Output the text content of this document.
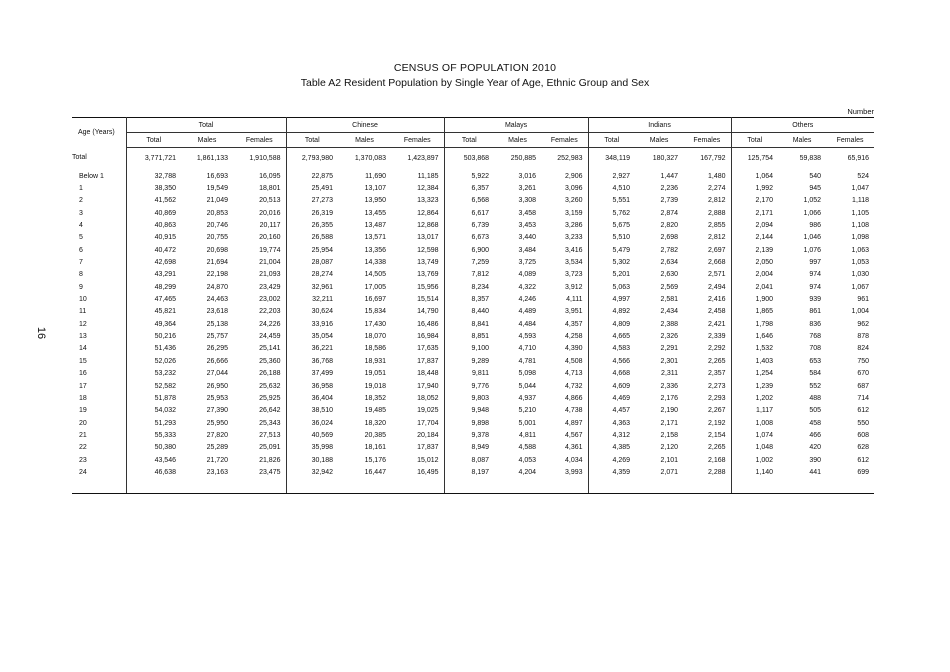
CENSUS OF POPULATION 2010
Table A2 Resident Population by Single Year of Age, Ethnic Group and Sex
Number
16
Age (Years)	Total			Chinese			Malays			Indians			Others		
	Total	Males	Females	Total	Males	Females	Total	Males	Females	Total	Males	Females	Total	Males	Females
Total	3,771,721	1,861,133	1,910,588	2,793,980	1,370,083	1,423,897	503,868	250,885	252,983	348,119	180,327	167,792	125,754	59,838	65,916

Below 1	32,788	16,693	16,095	22,875	11,690	11,185	5,922	3,016	2,906	2,927	1,447	1,480	1,064	540	524
1	38,350	19,549	18,801	25,491	13,107	12,384	6,357	3,261	3,096	4,510	2,236	2,274	1,992	945	1,047
2	41,562	21,049	20,513	27,273	13,950	13,323	6,568	3,308	3,260	5,551	2,739	2,812	2,170	1,052	1,118
3	40,869	20,853	20,016	26,319	13,455	12,864	6,617	3,458	3,159	5,762	2,874	2,888	2,171	1,066	1,105
4	40,863	20,746	20,117	26,355	13,487	12,868	6,739	3,453	3,286	5,675	2,820	2,855	2,094	986	1,108
5	40,915	20,755	20,160	26,588	13,571	13,017	6,673	3,440	3,233	5,510	2,698	2,812	2,144	1,046	1,098
6	40,472	20,698	19,774	25,954	13,356	12,598	6,900	3,484	3,416	5,479	2,782	2,697	2,139	1,076	1,063
7	42,698	21,694	21,004	28,087	14,338	13,749	7,259	3,725	3,534	5,302	2,634	2,668	2,050	997	1,053
8	43,291	22,198	21,093	28,274	14,505	13,769	7,812	4,089	3,723	5,201	2,630	2,571	2,004	974	1,030
9	48,299	24,870	23,429	32,961	17,005	15,956	8,234	4,322	3,912	5,063	2,569	2,494	2,041	974	1,067
10	47,465	24,463	23,002	32,211	16,697	15,514	8,357	4,246	4,111	4,997	2,581	2,416	1,900	939	961
11	45,821	23,618	22,203	30,624	15,834	14,790	8,440	4,489	3,951	4,892	2,434	2,458	1,865	861	1,004
12	49,364	25,138	24,226	33,916	17,430	16,486	8,841	4,484	4,357	4,809	2,388	2,421	1,798	836	962
13	50,216	25,757	24,459	35,054	18,070	16,984	8,851	4,593	4,258	4,665	2,326	2,339	1,646	768	878
14	51,436	26,295	25,141	36,221	18,586	17,635	9,100	4,710	4,390	4,583	2,291	2,292	1,532	708	824
15	52,026	26,666	25,360	36,768	18,931	17,837	9,289	4,781	4,508	4,566	2,301	2,265	1,403	653	750
16	53,232	27,044	26,188	37,499	19,051	18,448	9,811	5,098	4,713	4,668	2,311	2,357	1,254	584	670
17	52,582	26,950	25,632	36,958	19,018	17,940	9,776	5,044	4,732	4,609	2,336	2,273	1,239	552	687
18	51,878	25,953	25,925	36,404	18,352	18,052	9,803	4,937	4,866	4,469	2,176	2,293	1,202	488	714
19	54,032	27,390	26,642	38,510	19,485	19,025	9,948	5,210	4,738	4,457	2,190	2,267	1,117	505	612
20	51,293	25,950	25,343	36,024	18,320	17,704	9,898	5,001	4,897	4,363	2,171	2,192	1,008	458	550
21	55,333	27,820	27,513	40,569	20,385	20,184	9,378	4,811	4,567	4,312	2,158	2,154	1,074	466	608
22	50,380	25,289	25,091	35,998	18,161	17,837	8,949	4,588	4,361	4,385	2,120	2,265	1,048	420	628
23	43,546	21,720	21,826	30,188	15,176	15,012	8,087	4,053	4,034	4,269	2,101	2,168	1,002	390	612
24	46,638	23,163	23,475	32,942	16,447	16,495	8,197	4,204	3,993	4,359	2,071	2,288	1,140	441	699
